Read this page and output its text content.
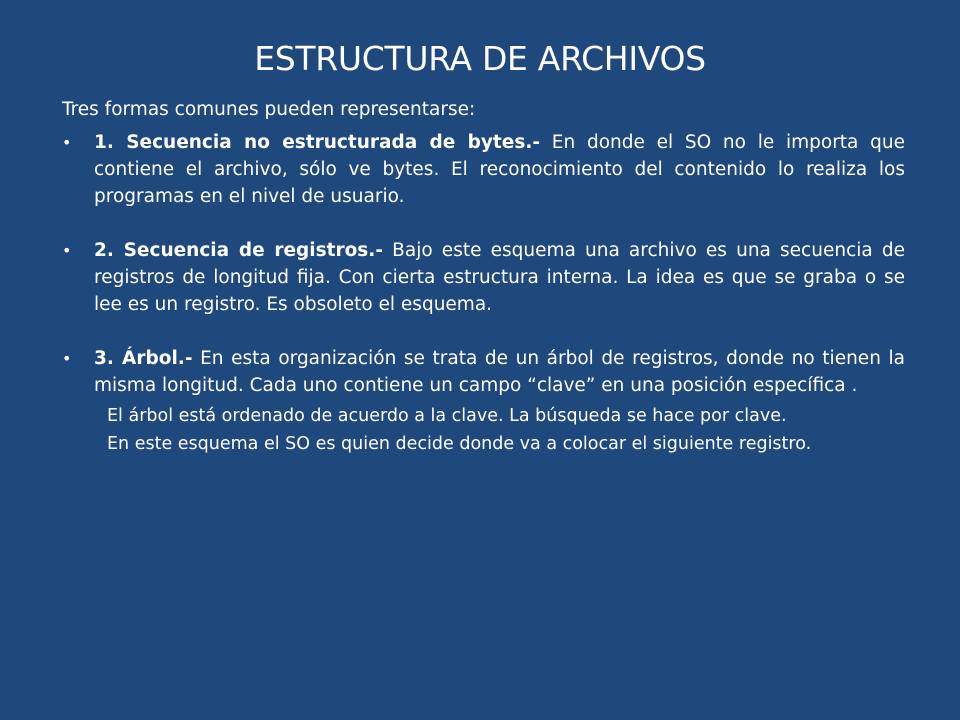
ESTRUCTURA DE ARCHIVOS

Tres formas comunes pueden representarse:

• 1. Secuencia no estructurada de bytes.- En donde el SO no le importa que contiene el archivo, sólo ve bytes. El reconocimiento del contenido lo realiza los programas en el nivel de usuario.

• 2. Secuencia de registros.- Bajo este esquema una archivo es una secuencia de registros de longitud fija. Con cierta estructura interna. La idea es que se graba o se lee es un registro. Es obsoleto el esquema.

• 3. Árbol.- En esta organización se trata de un árbol de registros, donde no tienen la misma longitud. Cada uno contiene un campo “clave” en una posición específica .

El árbol está ordenado de acuerdo a la clave. La búsqueda se hace por clave.

En este esquema el SO es quien decide donde va a colocar el siguiente registro.
